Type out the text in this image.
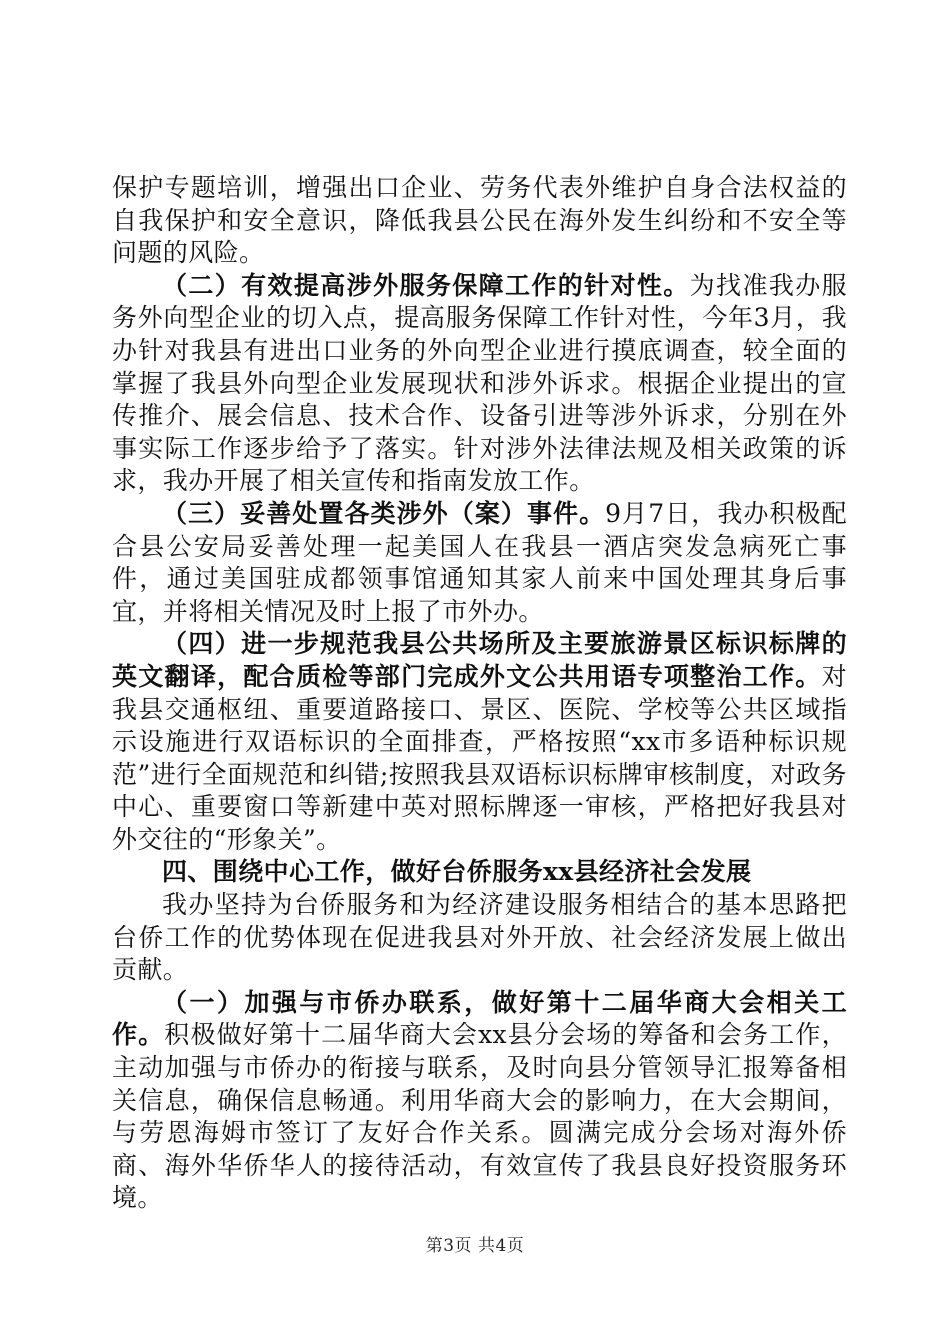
保护专题培训，增强出口企业、劳务代表外维护自身合法权益的自我保护和安全意识，降低我县公民在海外发生纠纷和不安全等问题的风险。

（二）有效提高涉外服务保障工作的针对性。为找准我办服务外向型企业的切入点，提高服务保障工作针对性，今年3月，我办针对我县有进出口业务的外向型企业进行摸底调查，较全面的掌握了我县外向型企业发展现状和涉外诉求。根据企业提出的宣传推介、展会信息、技术合作、设备引进等涉外诉求，分别在外事实际工作逐步给予了落实。针对涉外法律法规及相关政策的诉求，我办开展了相关宣传和指南发放工作。

（三）妥善处置各类涉外（案）事件。9月7日，我办积极配合县公安局妥善处理一起美国人在我县一酒店突发急病死亡事件，通过美国驻成都领事馆通知其家人前来中国处理其身后事宜，并将相关情况及时上报了市外办。

（四）进一步规范我县公共场所及主要旅游景区标识标牌的英文翻译，配合质检等部门完成外文公共用语专项整治工作。对我县交通枢纽、重要道路接口、景区、医院、学校等公共区域指示设施进行双语标识的全面排查，严格按照“xx市多语种标识规范”进行全面规范和纠错;按照我县双语标识标牌审核制度，对政务中心、重要窗口等新建中英对照标牌逐一审核，严格把好我县对外交往的“形象关”。

四、围绕中心工作，做好台侨服务xx县经济社会发展

我办坚持为台侨服务和为经济建设服务相结合的基本思路把台侨工作的优势体现在促进我县对外开放、社会经济发展上做出贡献。

（一）加强与市侨办联系，做好第十二届华商大会相关工作。积极做好第十二届华商大会xx县分会场的筹备和会务工作，主动加强与市侨办的衔接与联系，及时向县分管领导汇报筹备相关信息，确保信息畅通。利用华商大会的影响力，在大会期间，与劳恩海姆市签订了友好合作关系。圆满完成分会场对海外侨商、海外华侨华人的接待活动，有效宣传了我县良好投资服务环境。

第3页 共4页
